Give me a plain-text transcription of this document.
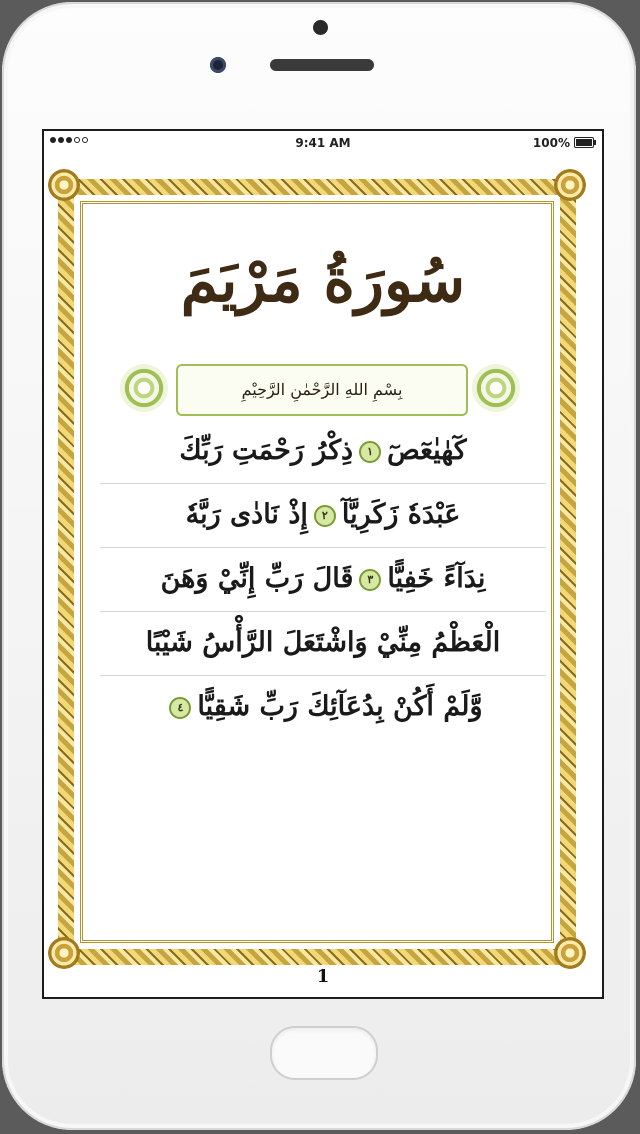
9:41 AM	100%
سُورَةُ مَرْيَمَ
بِسْمِ اللهِ الرَّحْمٰنِ الرَّحِيْمِ
كٓهٰيٰعٓصٓ١ذِكْرُ رَحْمَتِ رَبِّكَ
عَبْدَهٗ زَكَرِيَّآ٢إِذْ نَادٰى رَبَّهٗ
نِدَآءً خَفِيًّا٣قَالَ رَبِّ إِنِّيْ وَهَنَ
الْعَظْمُ مِنِّيْ وَاشْتَعَلَ الرَّأْسُ شَيْبًا
وَّلَمْ أَكُنْ بِدُعَآئِكَ رَبِّ شَقِيًّا٤
1
